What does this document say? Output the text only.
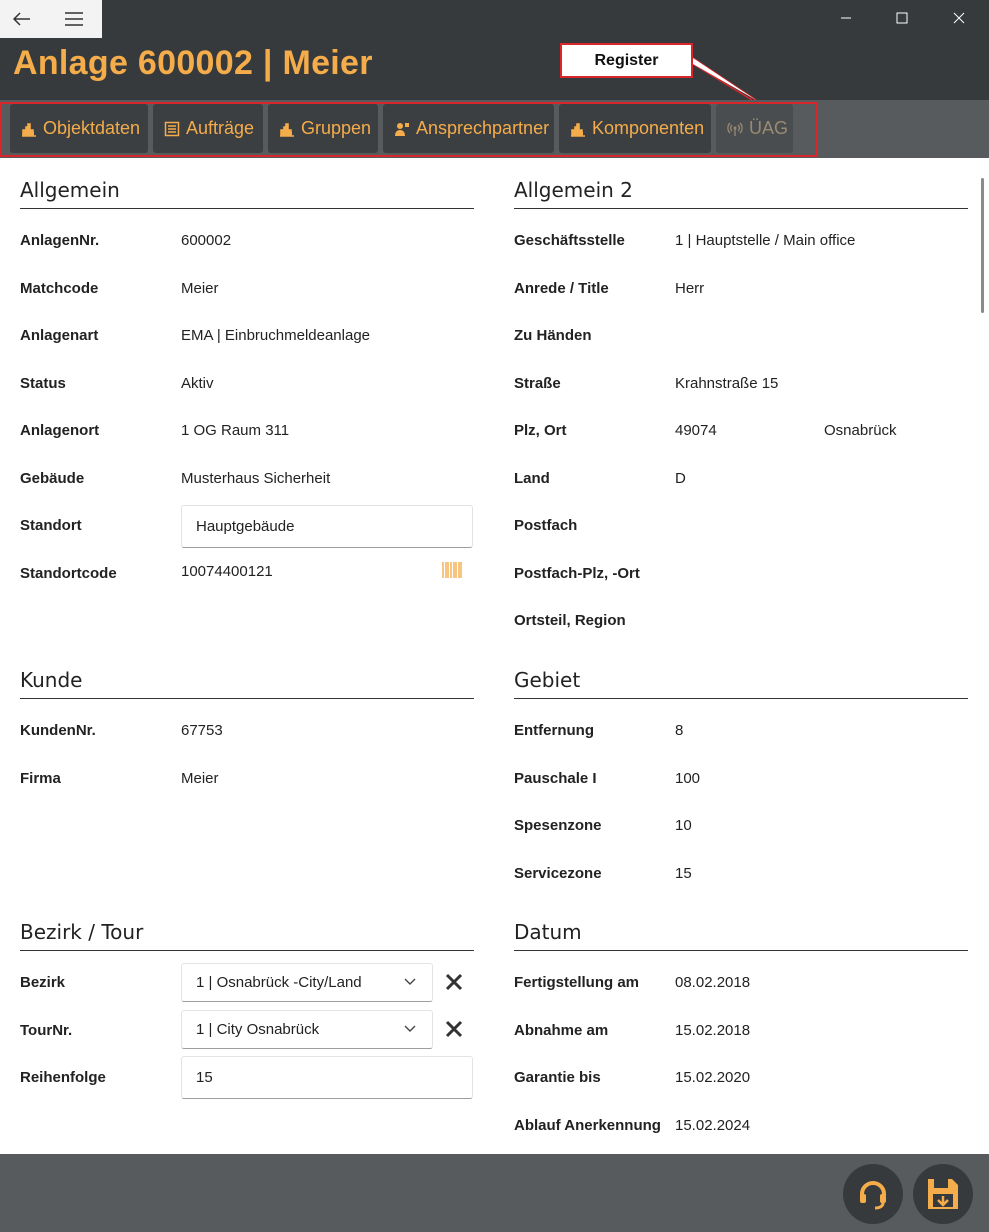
Anlage 600002 | Meier	Register
Objektdaten	Aufträge	Gruppen Ansprechpartner Komponenten ÜAG
Allgemein
AnlagenNr.	600002
Matchcode	Meier
Anlagenart	EMA | Einbruchmeldeanlage
Status	Aktiv
Anlagenort	1 OG Raum 311
Gebäude	Musterhaus Sicherheit
Standort	Hauptgebäude
Standortcode	10074400121
Allgemein 2
Geschäftsstelle	1 | Hauptstelle / Main office
Anrede / Title	Herr
Zu Händen
Straße	Krahnstraße 15
Plz, Ort	49074	Osnabrück
Land	D
Postfach
Postfach-Plz, -Ort
Ortsteil, Region
Kunde
KundenNr.	67753
Firma	Meier
Gebiet
Entfernung	8
Pauschale I	100
Spesenzone	10
Servicezone	15
Bezirk / Tour
Bezirk	1 | Osnabrück -City/Land
TourNr.	1 | City Osnabrück
Reihenfolge	15
Datum
Fertigstellung am 08.02.2018
Abnahme am	15.02.2018
Garantie bis	15.02.2020
Ablauf Anerkennung 15.02.2024
